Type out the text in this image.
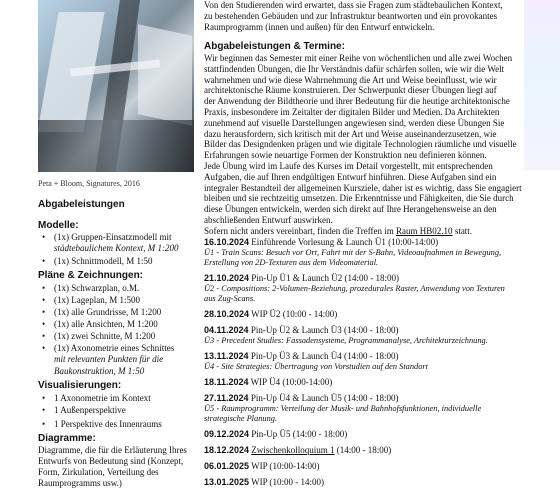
Peta + Bloom, Signatures, 2016
Abgabeleistungen
Modelle:
• (1x) Gruppen-Einsatzmodell mit
städtebaulichem Kontext, M 1:200
• (1x) Schnittmodell, M 1:50
Pläne & Zeichnungen:
• (1x) Schwarzplan, o.M.
• (1x) Lageplan, M 1:500
• (1x) alle Grundrisse, M 1:200
• (1x) alle Ansichten, M 1:200
• (1x) zwei Schnitte, M 1:200
• (1x) Axonometrie eines Schnittes
mit relevanten Punkten für die
Baukonstruktion, M 1:50
Visualisierungen:
• 1 Axonometrie im Kontext
• 1 Außenperspektive
• 1 Perspektive des Innenraums
Diagramme:
Diagramme, die für die Erläuterung Ihres
Entwurfs von Bedeutung sind (Konzept,
Form, Zirkulation, Verteilung des
Raumprogramms usw.)
Von den Studierenden wird erwartet, dass sie Fragen zum städtebaulichen Kontext,
zu bestehenden Gebäuden und zur Infrastruktur beantworten und ein provokantes
Raumprogramm (innen und außen) für den Entwurf entwickeln.
Abgabeleistungen & Termine:
Wir beginnen das Semester mit einer Reihe von wöchentlichen und alle zwei Wochen
stattfindenden Übungen, die Ihr Verständnis dafür schärfen sollen, wie wir die Welt
wahrnehmen und wie diese Wahrnehmung die Art und Weise beeinflusst, wie wir
architektonische Räume konstruieren. Der Schwerpunkt dieser Übungen liegt auf
der Anwendung der Bildtheorie und ihrer Bedeutung für die heutige architektonische
Praxis, insbesondere im Zeitalter der digitalen Bilder und Medien. Da Architekten
zunehmend auf visuelle Darstellungen angewiesen sind, werden diese Übungen Sie
dazu herausfordern, sich kritisch mit der Art und Weise auseinanderzusetzen, wie
Bilder das Designdenken prägen und wie digitale Technologien räumliche und visuelle
Erfahrungen sowie neuartige Formen der Konstruktion neu definieren können.
Jede Übung wird im Laufe des Kurses im Detail vorgestellt, mit entsprechenden
Aufgaben, die auf Ihren endgültigen Entwurf hinführen. Diese Aufgaben sind ein
integraler Bestandteil der allgemeinen Kursziele, daher ist es wichtig, dass Sie engagiert
bleiben und sie rechtzeitig umsetzen. Die Erkenntnisse und Fähigkeiten, die Sie durch
diese Übungen entwickeln, werden sich direkt auf Ihre Herangehensweise an den
abschließenden Entwurf auswirken.
Sofern nicht anders vereinbart, finden die Treffen im Raum HB02.10 statt.
16.10.2024 Einführende Vorlesung & Launch Ü1 (10:00-14:00)
Ü1 - Train Scans: Besuch vor Ort, Fahrt mit der S-Bahn, Videoaufnahmen in Bewegung,
Erstellung von 2D-Texturen aus dem Videomaterial.
21.10.2024 Pin-Up Ü1 & Launch Ü2 (14:00 - 18:00)
Ü2 - Compositions: 2-Volumen-Beziehung, prozedurales Raster, Anwendung von Texturen
aus Zug-Scans.
28.10.2024 WIP Ü2 (10:00 - 14:00)
04.11.2024 Pin-Up Ü2 & Launch Ü3 (14:00 - 18:00)
Ü3 - Precedent Studies: Fassadensysteme, Programmanalyse, Architekturzeichnung.
13.11.2024 Pin-Up Ü3 & Launch Ü4 (14:00 - 18:00)
Ü4 - Site Strategies: Übertragung von Vorstudien auf den Standort
18.11.2024 WIP Ü4 (10:00-14:00)
27.11.2024 Pin-Up Ü4 & Launch Ü5 (14:00 - 18:00)
Ü5 - Raumprogramm: Verteilung der Musik- und Bahnhofsfunktionen, individuelle
strategische Planung.
09.12.2024 Pin-Up Ü5 (14:00 - 18:00)
18.12.2024 Zwischenkolloquium 1 (14:00 - 18:00)
06.01.2025 WIP (10:00-14:00)
13.01.2025 WIP (10:00 - 14:00)
